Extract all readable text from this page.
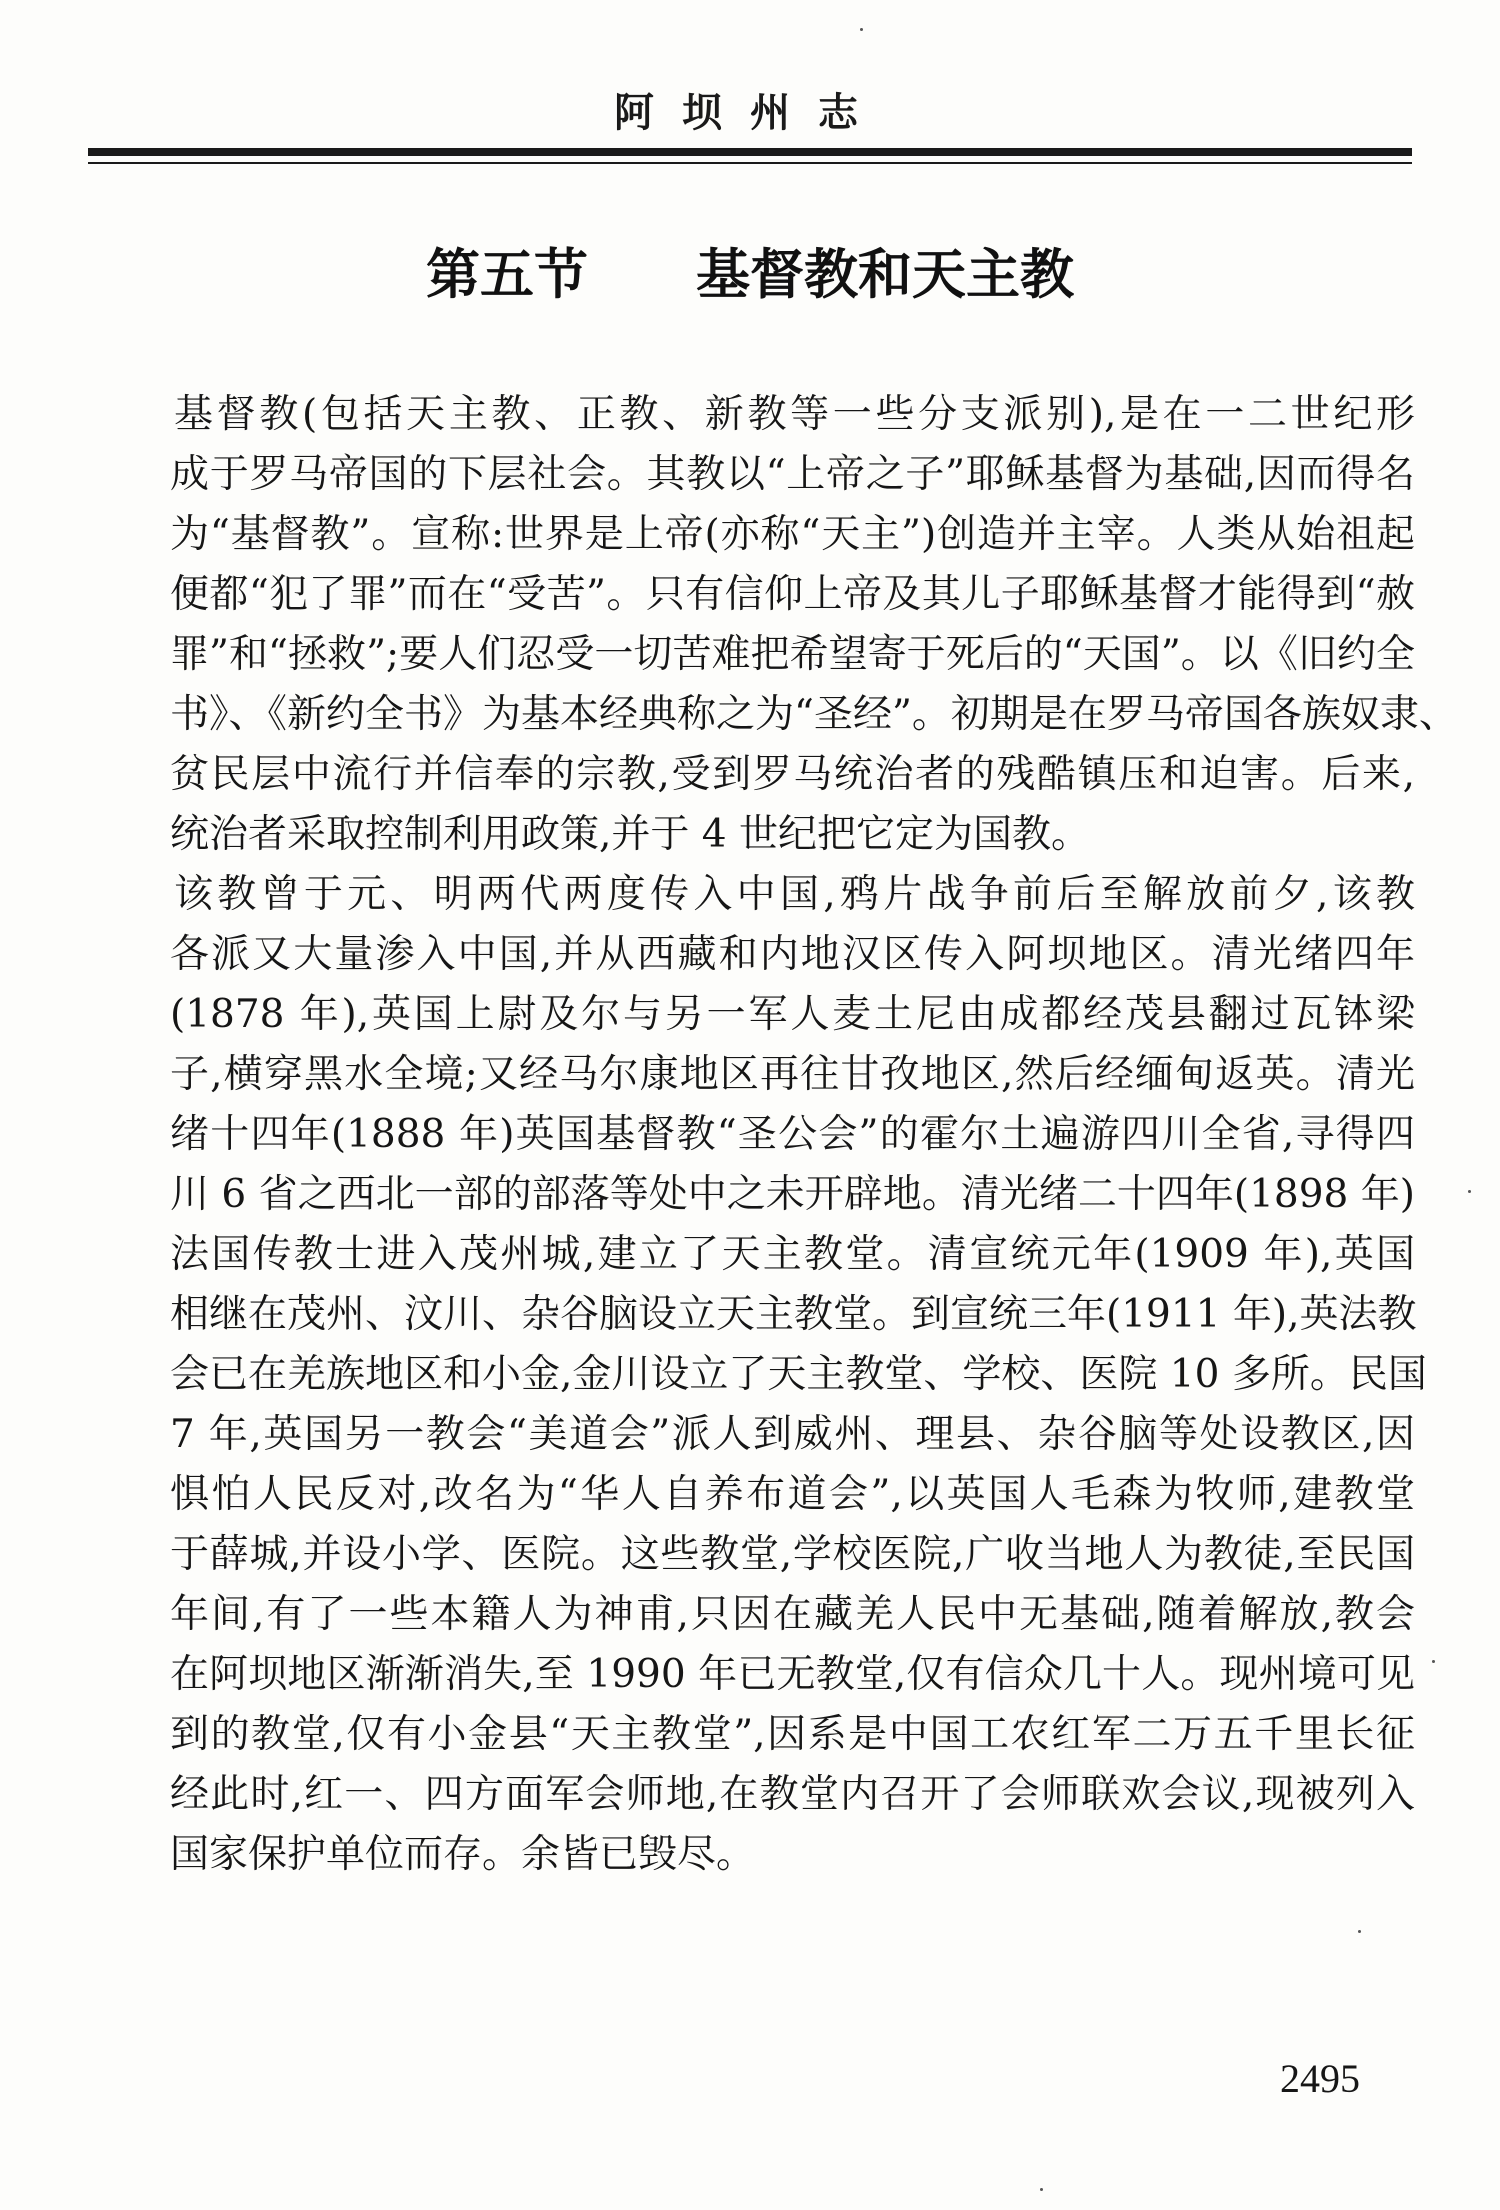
阿坝州志
第五节　　基督教和天主教
基督教(包括天主教、正教、新教等一些分支派别),是在一二世纪形
成于罗马帝国的下层社会。其教以“上帝之子”耶稣基督为基础,因而得名
为“基督教”。宣称:世界是上帝(亦称“天主”)创造并主宰。人类从始祖起
便都“犯了罪”而在“受苦”。只有信仰上帝及其儿子耶稣基督才能得到“赦
罪”和“拯救”;要人们忍受一切苦难把希望寄于死后的“天国”。以《旧约全
书》、《新约全书》为基本经典称之为“圣经”。初期是在罗马帝国各族奴隶、
贫民层中流行并信奉的宗教,受到罗马统治者的残酷镇压和迫害。后来,
统治者采取控制利用政策,并于 4 世纪把它定为国教。
该教曾于元、明两代两度传入中国,鸦片战争前后至解放前夕,该教
各派又大量渗入中国,并从西藏和内地汉区传入阿坝地区。清光绪四年
(1878 年),英国上尉及尔与另一军人麦土尼由成都经茂县翻过瓦钵梁
子,横穿黑水全境;又经马尔康地区再往甘孜地区,然后经缅甸返英。清光
绪十四年(1888 年)英国基督教“圣公会”的霍尔土遍游四川全省,寻得四
川 6 省之西北一部的部落等处中之未开辟地。清光绪二十四年(1898 年)
法国传教士进入茂州城,建立了天主教堂。清宣统元年(1909 年),英国
相继在茂州、汶川、杂谷脑设立天主教堂。到宣统三年(1911 年),英法教
会已在羌族地区和小金,金川设立了天主教堂、学校、医院 10 多所。民国
7 年,英国另一教会“美道会”派人到威州、理县、杂谷脑等处设教区,因
惧怕人民反对,改名为“华人自养布道会”,以英国人毛森为牧师,建教堂
于薛城,并设小学、医院。这些教堂,学校医院,广收当地人为教徒,至民国
年间,有了一些本籍人为神甫,只因在藏羌人民中无基础,随着解放,教会
在阿坝地区渐渐消失,至 1990 年已无教堂,仅有信众几十人。现州境可见
到的教堂,仅有小金县“天主教堂”,因系是中国工农红军二万五千里长征
经此时,红一、四方面军会师地,在教堂内召开了会师联欢会议,现被列入
国家保护单位而存。余皆已毁尽。
2495
